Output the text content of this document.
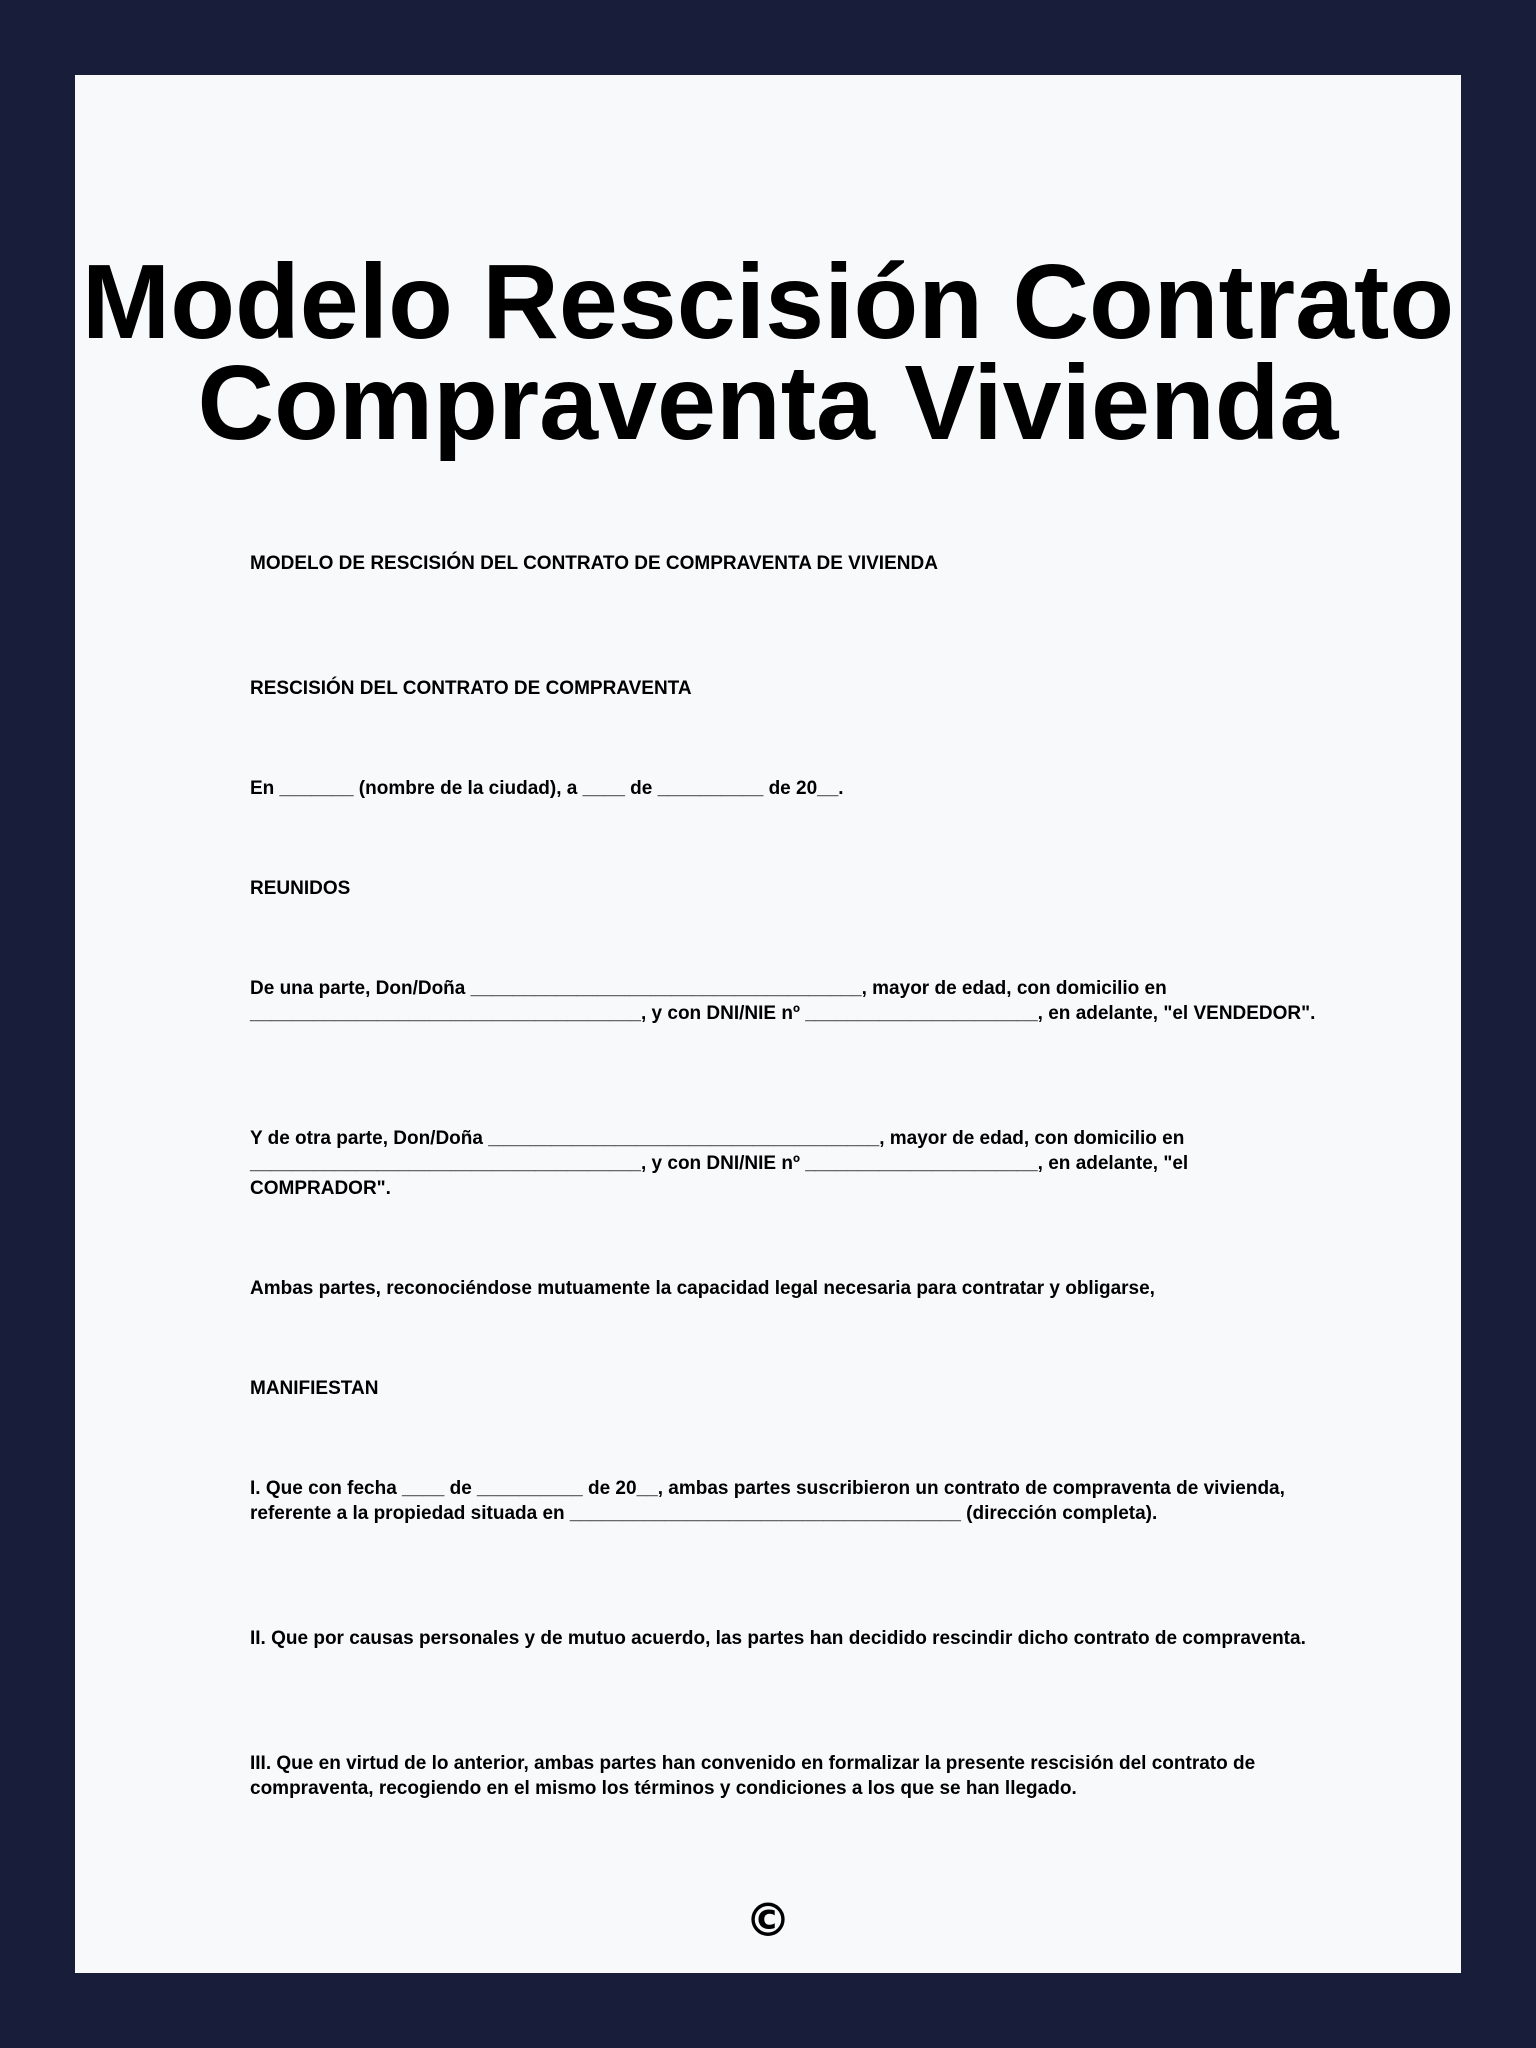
Modelo Rescisión Contrato
Compraventa Vivienda

MODELO DE RESCISIÓN DEL CONTRATO DE COMPRAVENTA DE VIVIENDA

RESCISIÓN DEL CONTRATO DE COMPRAVENTA

En _______ (nombre de la ciudad), a ____ de __________ de 20__.

REUNIDOS

De una parte, Don/Doña _____________________________________, mayor de edad, con domicilio en _____________________________________, y con DNI/NIE nº ______________________, en adelante, "el VENDEDOR".

Y de otra parte, Don/Doña _____________________________________, mayor de edad, con domicilio en _____________________________________, y con DNI/NIE nº ______________________, en adelante, "el COMPRADOR".

Ambas partes, reconociéndose mutuamente la capacidad legal necesaria para contratar y obligarse,

MANIFIESTAN

I. Que con fecha ____ de __________ de 20__, ambas partes suscribieron un contrato de compraventa de vivienda, referente a la propiedad situada en _____________________________________ (dirección completa).

II. Que por causas personales y de mutuo acuerdo, las partes han decidido rescindir dicho contrato de compraventa.

III. Que en virtud de lo anterior, ambas partes han convenido en formalizar la presente rescisión del contrato de compraventa, recogiendo en el mismo los términos y condiciones a los que se han llegado.

©
